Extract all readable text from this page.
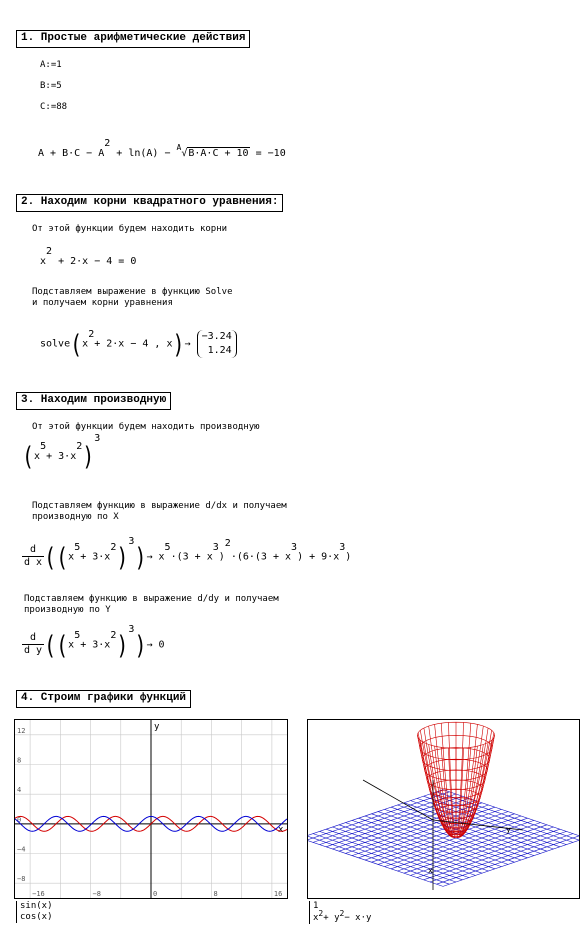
1. Простые арифметические действия
A:=1
B:=5
C:=88
A + B·C − A2 + ln(A) − $^A$√B·A·C + 10 = −10
2. Находим корни квадратного уравнения:
От этой функции будем находить корни
x2 + 2·x − 4 = 0
Подставляем выражение в функцию Solve
и получаем корни уравнения
solve(x2+ 2·x − 4 , x)→
−3.24
1.24
3. Находим производную
От этой функции будем находить производную
(x5+ 3·x2)3
Подставляем функцию в выражение d/dx и получаем
производную по X
$\frac{d}{\text{d x}} ((x5+ 3\cdot x2)3)\to x5\cdot(3 + x3)2\cdot(6\cdot(3 + x3) + 9\cdot x3)$
Подставляем функцию в выражение d/dy и получаем
производную по Y
$\frac{d}{\text{d y}} ((x5+ 3\cdot x2)3)\to 0$
4. Строим графики функций
12
8
4
0
−4
−8
−16	−8	0	8	16
y
x
sin(x)
cos(x)
x
y
1
x2+ y2− x·y
